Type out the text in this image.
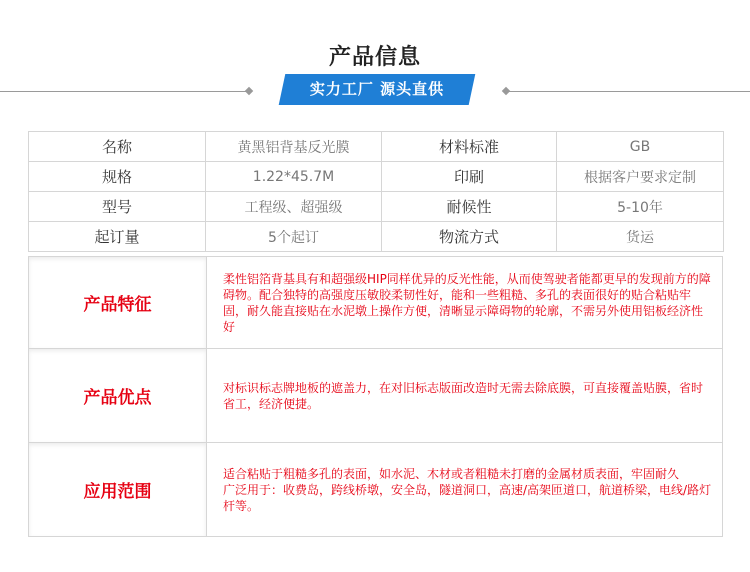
产品信息
实力工厂 源头直供
名称	黄黑铝背基反光膜	材料标准	GB
规格	1.22*45.7M	印刷	根据客户要求定制
型号	工程级、超强级	耐候性	5-10年
起订量	5个起订	物流方式	货运
产品特征	柔性铝箔背基具有和超强级HIP同样优异的反光性能，从而使驾驶者能都更早的发现前方的障碍物。配合独特的高强度压敏胶柔韧性好，能和一些粗糙、多孔的表面很好的贴合粘贴牢固，耐久能直接贴在水泥墩上操作方便，清晰显示障碍物的轮廓，不需另外使用铝板经济性好

产品优点	对标识标志牌地板的遮盖力，在对旧标志版面改造时无需去除底膜，可直接覆盖贴膜，省时省工，经济便捷。

应用范围	适合粘贴于粗糙多孔的表面，如水泥、木材或者粗糙未打磨的金属材质表面，牢固耐久
广泛用于：收费岛，跨线桥墩，安全岛，隧道洞口，高速/高架匝道口，航道桥梁，电线/路灯杆等。
